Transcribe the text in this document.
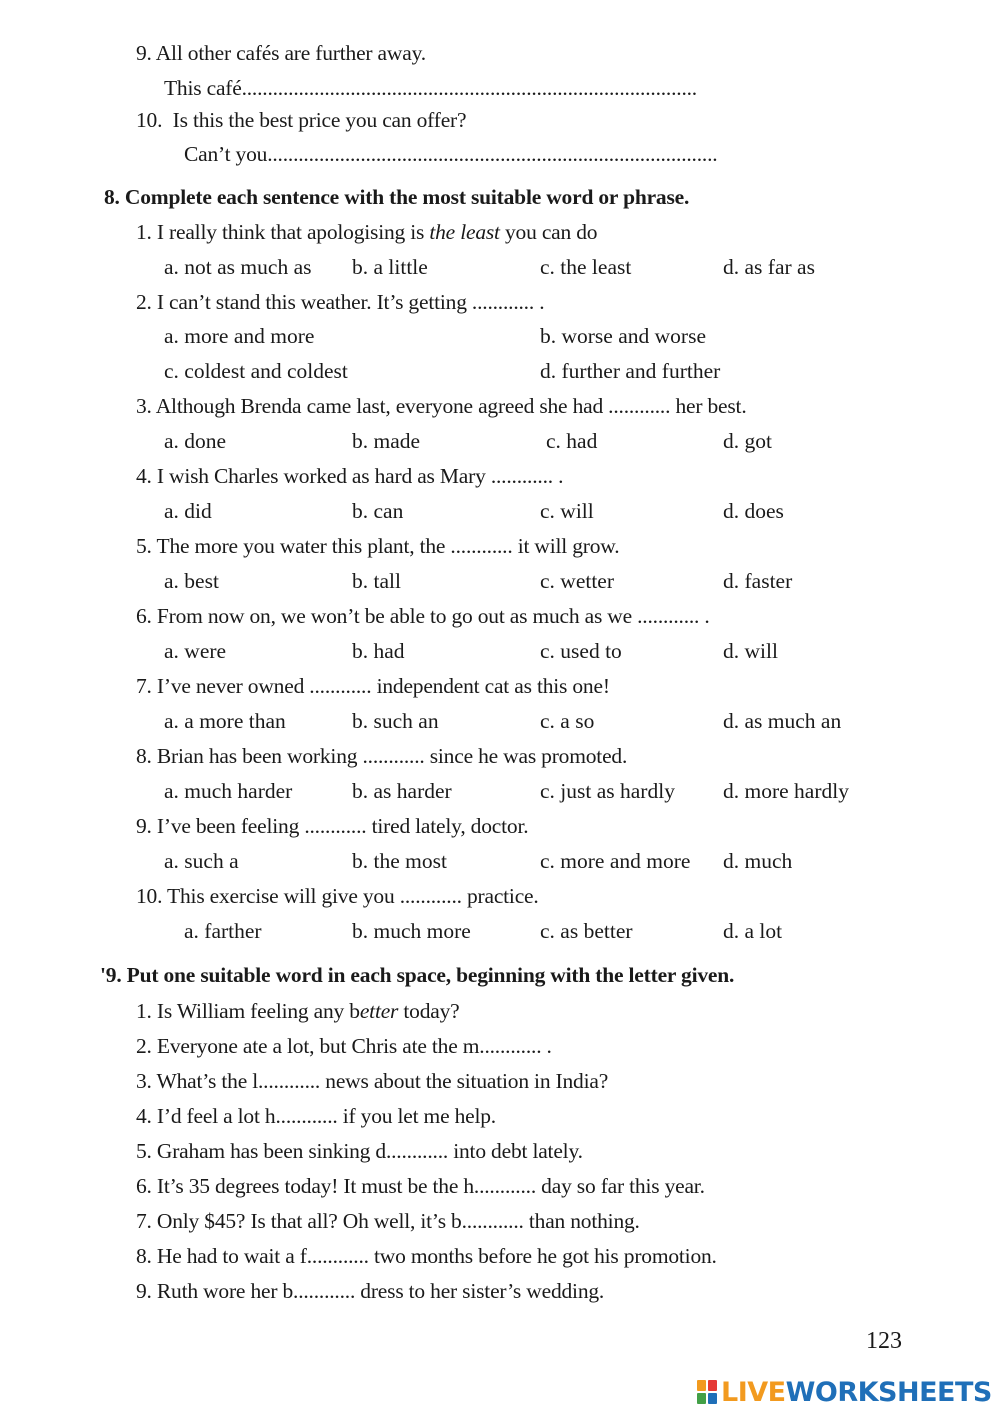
9. All other cafés are further away.
This café........................................................................................
10. Is this the best price you can offer?
Can’t you.......................................................................................
8. Complete each sentence with the most suitable word or phrase.
1. I really think that apologising is the least you can do
a. not as much as b. a little	c. the least	d. as far as
2. I can’t stand this weather. It’s getting ............ .
a. more and more	b. worse and worse
c. coldest and coldest	d. further and further
3. Although Brenda came last, everyone agreed she had ............ her best.
a. done	b. made	c. had	d. got
4. I wish Charles worked as hard as Mary ............ .
a. did	b. can	c. will	d. does
5. The more you water this plant, the ............ it will grow.
a. best	b. tall	c. wetter	d. faster
6. From now on, we won’t be able to go out as much as we ............ .
a. were	b. had	c. used to	d. will
7. I’ve never owned ............ independent cat as this one!
a. a more than	b. such an	c. a so	d. as much an
8. Brian has been working ............ since he was promoted.
a. much harder	b. as harder	c. just as hardly d. more hardly
9. I’ve been feeling ............ tired lately, doctor.
a. such a	b. the most	c. more and more d. much
10. This exercise will give you ............ practice.
a. farther	b. much more	c. as better	d. a lot
'9. Put one suitable word in each space, beginning with the letter given.
1. Is William feeling any better today?
2. Everyone ate a lot, but Chris ate the m............ .
3. What’s the l............ news about the situation in India?
4. I’d feel a lot h............ if you let me help.
5. Graham has been sinking d............ into debt lately.
6. It’s 35 degrees today! It must be the h............ day so far this year.
7. Only $45? Is that all? Oh well, it’s b............ than nothing.
8. He had to wait a f............ two months before he got his promotion.
9. Ruth wore her b............ dress to her sister’s wedding.
123
LIVEWORKSHEETS
